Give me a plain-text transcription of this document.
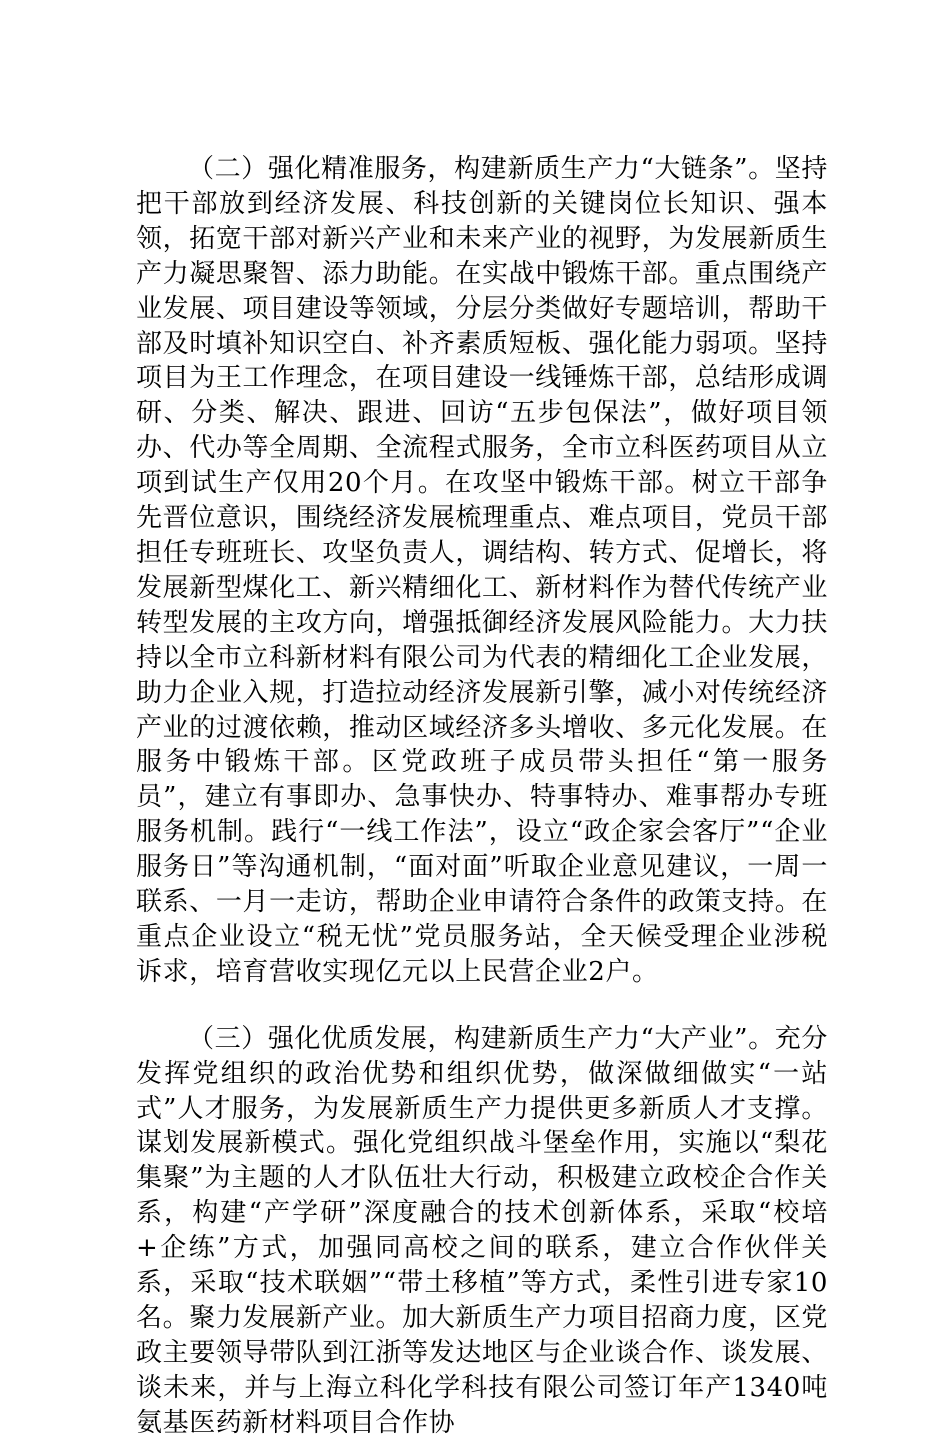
（二）强化精准服务，构建新质生产力“大链条”。坚持把干部放到经济发展、科技创新的关键岗位长知识、强本领，拓宽干部对新兴产业和未来产业的视野，为发展新质生产力凝思聚智、添力助能。在实战中锻炼干部。重点围绕产业发展、项目建设等领域，分层分类做好专题培训，帮助干部及时填补知识空白、补齐素质短板、强化能力弱项。坚持项目为王工作理念，在项目建设一线锤炼干部，总结形成调研、分类、解决、跟进、回访“五步包保法”，做好项目领办、代办等全周期、全流程式服务，全市立科医药项目从立项到试生产仅用20个月。在攻坚中锻炼干部。树立干部争先晋位意识，围绕经济发展梳理重点、难点项目，党员干部担任专班班长、攻坚负责人，调结构、转方式、促增长，将发展新型煤化工、新兴精细化工、新材料作为替代传统产业转型发展的主攻方向，增强抵御经济发展风险能力。大力扶持以全市立科新材料有限公司为代表的精细化工企业发展，助力企业入规，打造拉动经济发展新引擎，减小对传统经济产业的过渡依赖，推动区域经济多头增收、多元化发展。在服务中锻炼干部。区党政班子成员带头担任“第一服务员”，建立有事即办、急事快办、特事特办、难事帮办专班服务机制。践行“一线工作法”，设立“政企家会客厅”“企业服务日”等沟通机制，“面对面”听取企业意见建议，一周一联系、一月一走访，帮助企业申请符合条件的政策支持。在重点企业设立“税无忧”党员服务站，全天候受理企业涉税诉求，培育营收实现亿元以上民营企业2户。

（三）强化优质发展，构建新质生产力“大产业”。充分发挥党组织的政治优势和组织优势，做深做细做实“一站式”人才服务，为发展新质生产力提供更多新质人才支撑。谋划发展新模式。强化党组织战斗堡垒作用，实施以“梨花集聚”为主题的人才队伍壮大行动，积极建立政校企合作关系，构建“产学研”深度融合的技术创新体系，采取“校培+企练”方式，加强同高校之间的联系，建立合作伙伴关系，采取“技术联姻”“带土移植”等方式，柔性引进专家10名。聚力发展新产业。加大新质生产力项目招商力度，区党政主要领导带队到江浙等发达地区与企业谈合作、谈发展、谈未来，并与上海立科化学科技有限公司签订年产1340吨氨基医药新材料项目合作协
